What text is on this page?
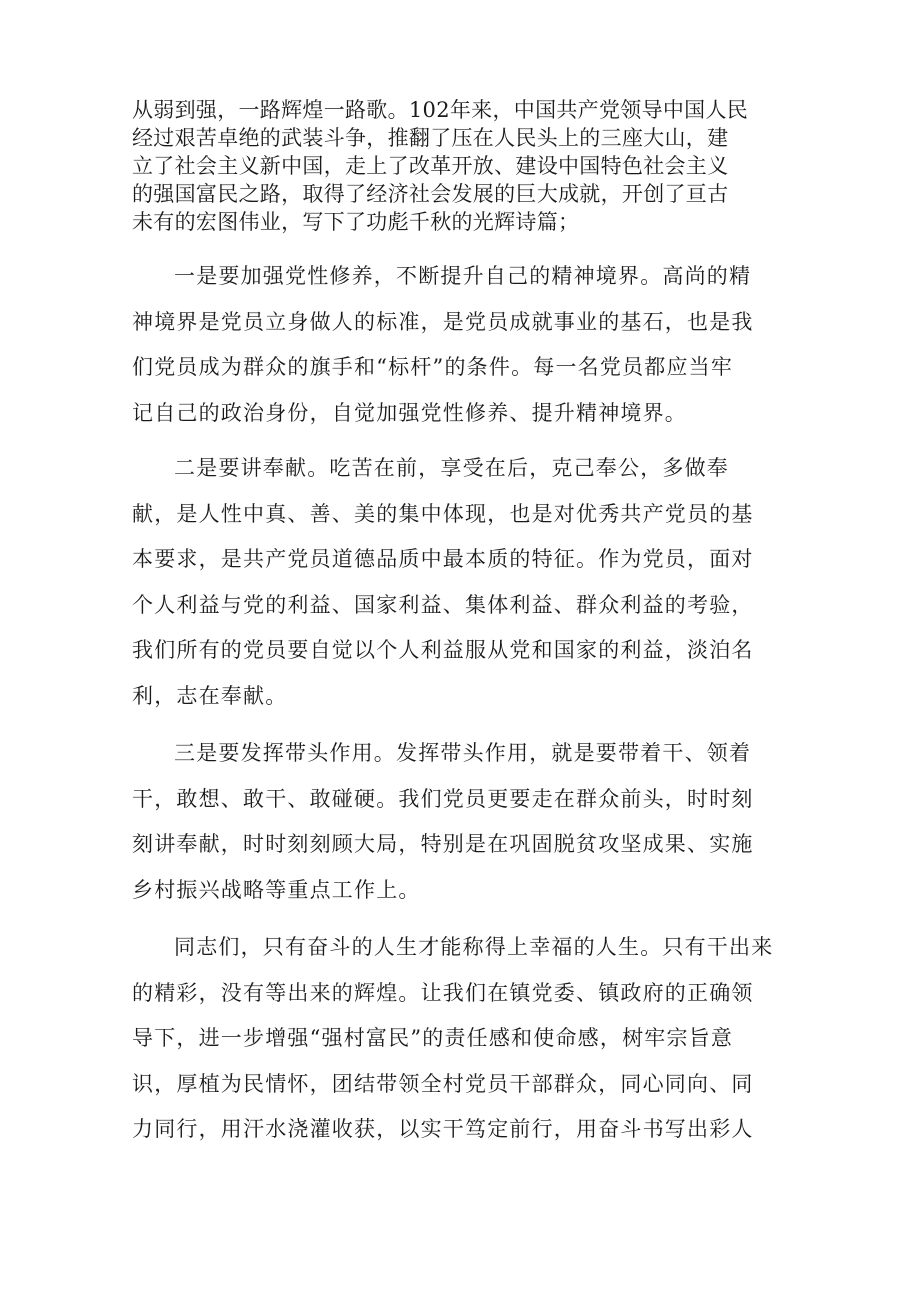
从弱到强，一路辉煌一路歌。102年来，中国共产党领导中国人民
经过艰苦卓绝的武装斗争，推翻了压在人民头上的三座大山，建
立了社会主义新中国，走上了改革开放、建设中国特色社会主义
的强国富民之路，取得了经济社会发展的巨大成就，开创了亘古
未有的宏图伟业，写下了功彪千秋的光辉诗篇；
一是要加强党性修养，不断提升自己的精神境界。高尚的精
神境界是党员立身做人的标准，是党员成就事业的基石，也是我
们党员成为群众的旗手和“标杆”的条件。每一名党员都应当牢
记自己的政治身份，自觉加强党性修养、提升精神境界。
二是要讲奉献。吃苦在前，享受在后，克己奉公，多做奉
献，是人性中真、善、美的集中体现，也是对优秀共产党员的基
本要求，是共产党员道德品质中最本质的特征。作为党员，面对
个人利益与党的利益、国家利益、集体利益、群众利益的考验，
我们所有的党员要自觉以个人利益服从党和国家的利益，淡泊名
利，志在奉献。
三是要发挥带头作用。发挥带头作用，就是要带着干、领着
干，敢想、敢干、敢碰硬。我们党员更要走在群众前头，时时刻
刻讲奉献，时时刻刻顾大局，特别是在巩固脱贫攻坚成果、实施
乡村振兴战略等重点工作上。
同志们，只有奋斗的人生才能称得上幸福的人生。只有干出来
的精彩，没有等出来的辉煌。让我们在镇党委、镇政府的正确领
导下，进一步增强“强村富民”的责任感和使命感，树牢宗旨意
识，厚植为民情怀，团结带领全村党员干部群众，同心同向、同
力同行，用汗水浇灌收获，以实干笃定前行，用奋斗书写出彩人
